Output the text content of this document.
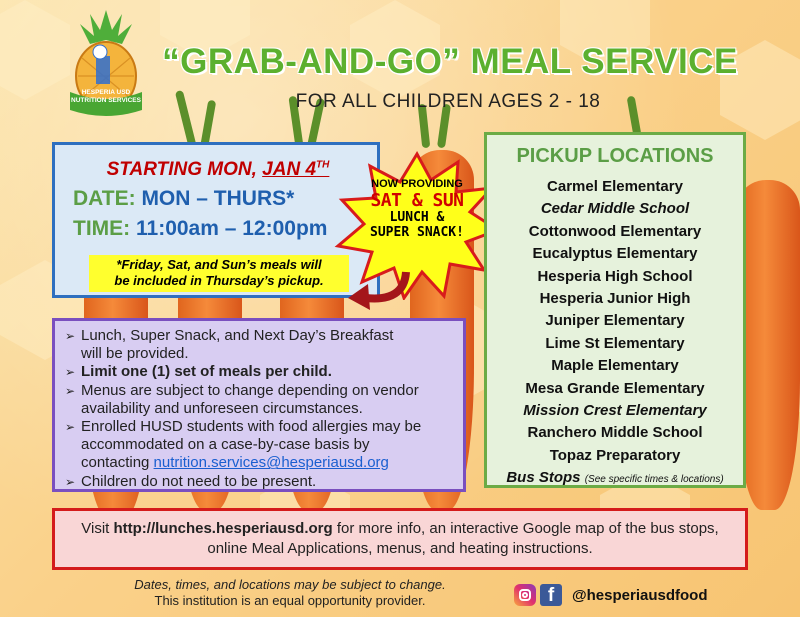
HESPERIA USD NUTRITION SERVICES
“GRAB-AND-GO” MEAL SERVICE
FOR ALL CHILDREN AGES 2 - 18
STARTING MON, JAN 4TH
DATE: MON – THURS*
TIME: 11:00am – 12:00pm
*Friday, Sat, and Sun’s meals will
be included in Thursday’s pickup.
NOW PROVIDING
SAT & SUN
LUNCH &
SUPER SNACK!
PICKUP LOCATIONS
Carmel Elementary
Cedar Middle School
Cottonwood Elementary
Eucalyptus Elementary
Hesperia High School
Hesperia Junior High
Juniper Elementary
Lime St Elementary
Maple Elementary
Mesa Grande Elementary
Mission Crest Elementary
Ranchero Middle School
Topaz Preparatory
Bus Stops (See specific times & locations)
➢ Lunch, Super Snack, and Next Day’s Breakfast
will be provided.
➢ Limit one (1) set of meals per child.
➢ Menus are subject to change depending on vendor
availability and unforeseen circumstances.
➢ Enrolled HUSD students with food allergies may be
accommodated on a case-by-case basis by
contacting nutrition.services@hesperiausd.org
➢ Children do not need to be present.
Visit http://lunches.hesperiausd.org for more info, an interactive Google map of the bus stops,
online Meal Applications, menus, and heating instructions.
Dates, times, and locations may be subject to change.
This institution is an equal opportunity provider.	f	@hesperiausdfood
